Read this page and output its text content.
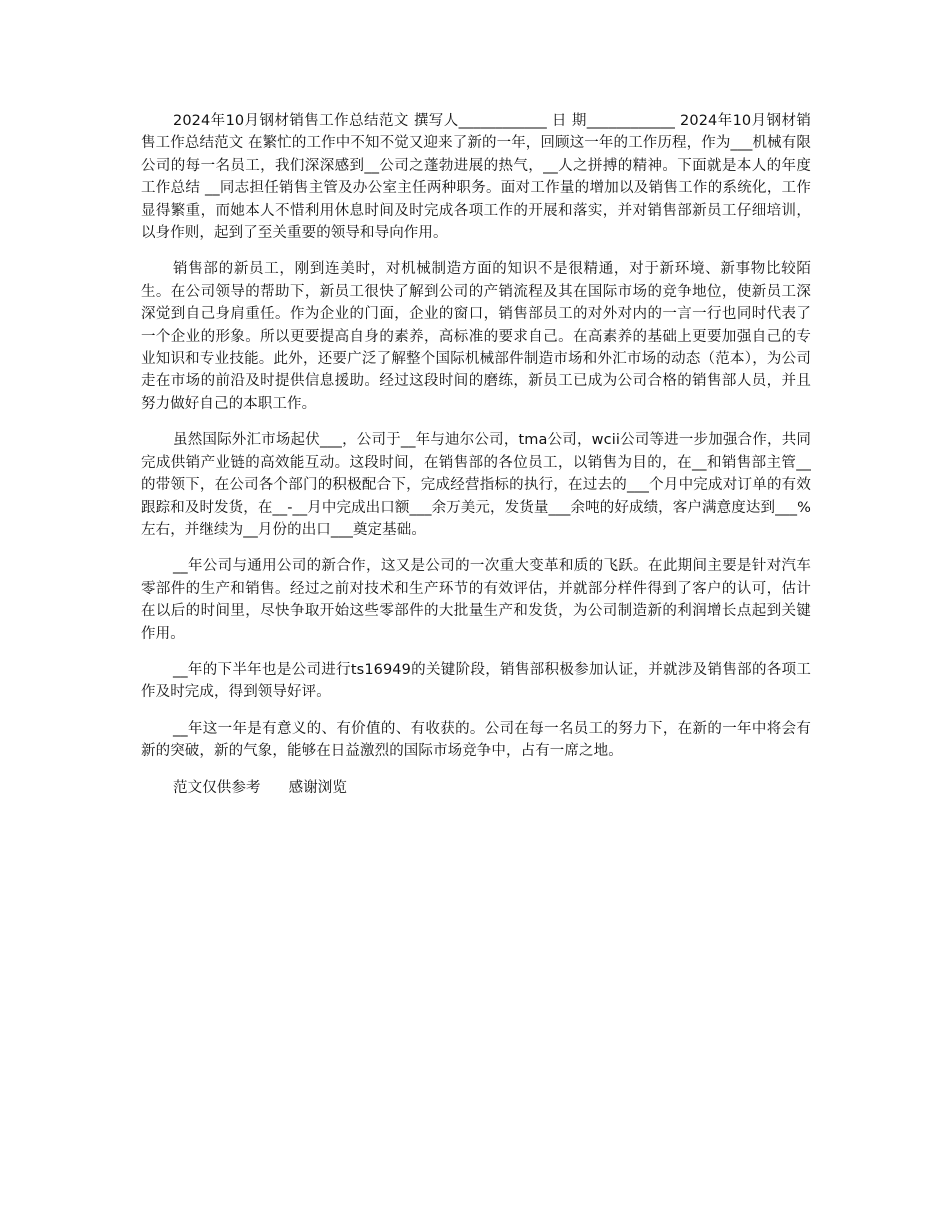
2024年10月钢材销售工作总结范文 撰写人____________ 日 期____________ 2024年10月钢材销售工作总结范文 在繁忙的工作中不知不觉又迎来了新的一年，回顾这一年的工作历程，作为___机械有限公司的每一名员工，我们深深感到__公司之蓬勃进展的热气，__人之拼搏的精神。下面就是本人的年度工作总结 __同志担任销售主管及办公室主任两种职务。面对工作量的增加以及销售工作的系统化，工作显得繁重，而她本人不惜利用休息时间及时完成各项工作的开展和落实，并对销售部新员工仔细培训，以身作则，起到了至关重要的领导和导向作用。

销售部的新员工，刚到连美时，对机械制造方面的知识不是很精通，对于新环境、新事物比较陌生。在公司领导的帮助下，新员工很快了解到公司的产销流程及其在国际市场的竞争地位，使新员工深深觉到自己身肩重任。作为企业的门面，企业的窗口，销售部员工的对外对内的一言一行也同时代表了一个企业的形象。所以更要提高自身的素养，高标准的要求自己。在高素养的基础上更要加强自己的专业知识和专业技能。此外，还要广泛了解整个国际机械部件制造市场和外汇市场的动态（范本），为公司走在市场的前沿及时提供信息援助。经过这段时间的磨练，新员工已成为公司合格的销售部人员，并且努力做好自己的本职工作。

虽然国际外汇市场起伏___，公司于__年与迪尔公司，tma公司，wcii公司等进一步加强合作，共同完成供销产业链的高效能互动。这段时间，在销售部的各位员工，以销售为目的，在__和销售部主管__的带领下，在公司各个部门的积极配合下，完成经营指标的执行，在过去的___个月中完成对订单的有效跟踪和及时发货，在__-__月中完成出口额___余万美元，发货量___余吨的好成绩，客户满意度达到___%左右，并继续为__月份的出口___奠定基础。

__年公司与通用公司的新合作，这又是公司的一次重大变革和质的飞跃。在此期间主要是针对汽车零部件的生产和销售。经过之前对技术和生产环节的有效评估，并就部分样件得到了客户的认可，估计在以后的时间里，尽快争取开始这些零部件的大批量生产和发货，为公司制造新的利润增长点起到关键作用。

__年的下半年也是公司进行ts16949的关键阶段，销售部积极参加认证，并就涉及销售部的各项工作及时完成，得到领导好评。

__年这一年是有意义的、有价值的、有收获的。公司在每一名员工的努力下，在新的一年中将会有新的突破，新的气象，能够在日益激烈的国际市场竞争中，占有一席之地。

范文仅供参考 感谢浏览
